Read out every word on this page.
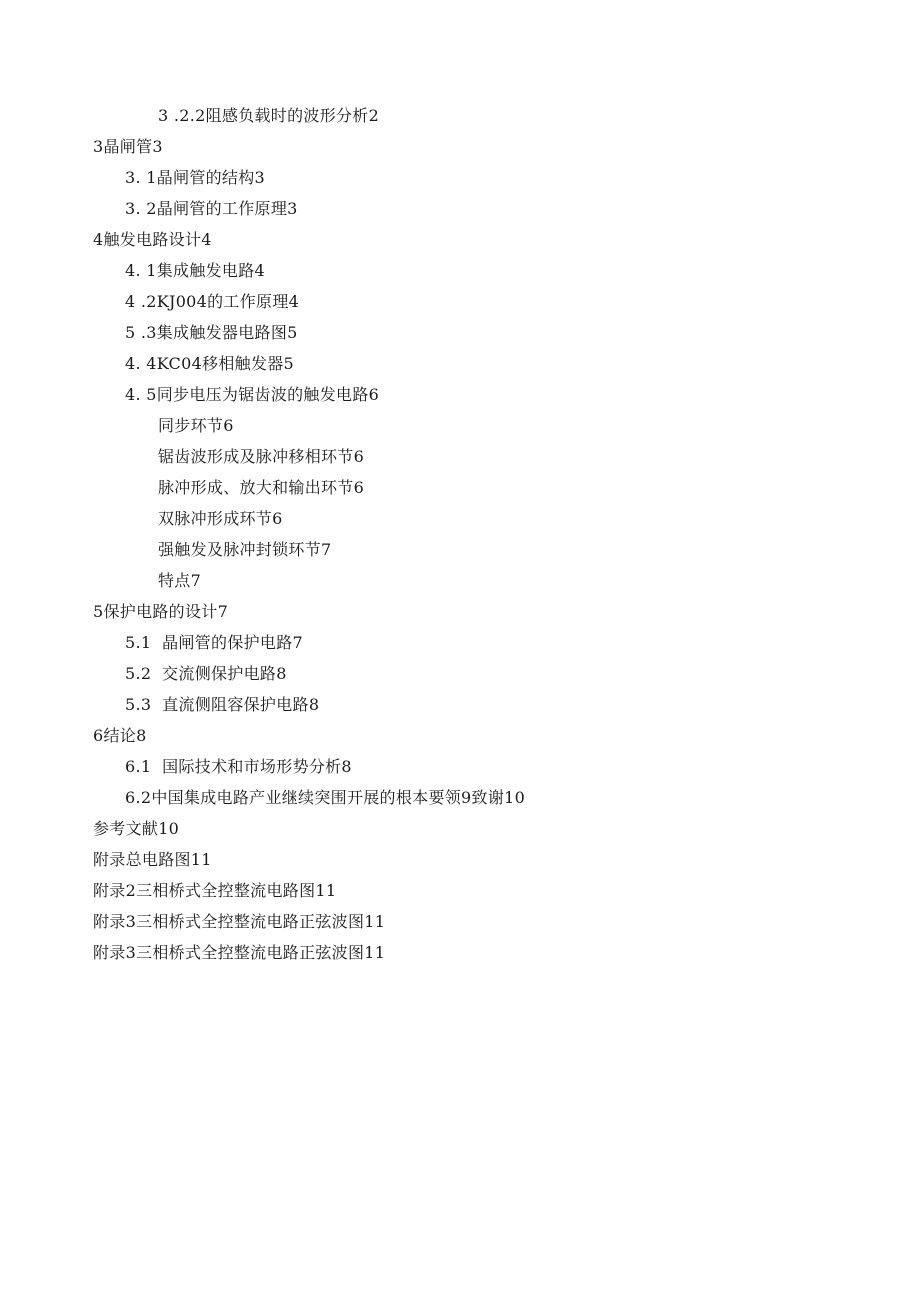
3 .2.2阻感负载时的波形分析2
3晶闸管3
3. 1晶闸管的结构3
3. 2晶闸管的工作原理3
4触发电路设计4
4. 1集成触发电路4
4 .2KJ004的工作原理4
5 .3集成触发器电路图5
4. 4KC04移相触发器5
4. 5同步电压为锯齿波的触发电路6
同步环节6
锯齿波形成及脉冲移相环节6
脉冲形成、放大和输出环节6
双脉冲形成环节6
强触发及脉冲封锁环节7
特点7
5保护电路的设计7
5.1  晶闸管的保护电路7
5.2  交流侧保护电路8
5.3  直流侧阻容保护电路8
6结论8
6.1  国际技术和市场形势分析8
6.2中国集成电路产业继续突围开展的根本要领9致谢10
参考文献10
附录总电路图11
附录2三相桥式全控整流电路图11
附录3三相桥式全控整流电路正弦波图11
附录3三相桥式全控整流电路正弦波图11
